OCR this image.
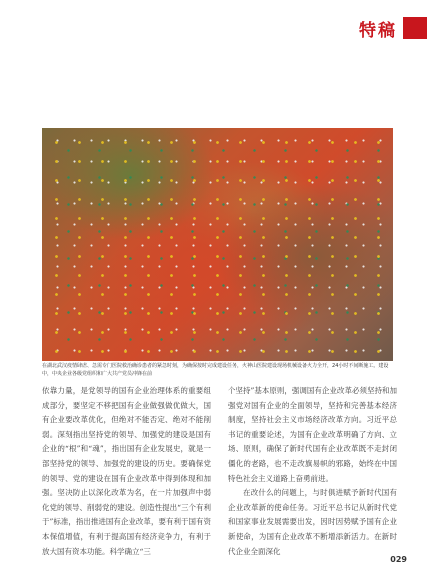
特稿
在湖北武汉疫情肆虐、急需专门医院救治确诊患者的紧急时刻，为确保按时完成建设任务，火神山医院建设现场机械设备火力全开，24小时不间断施工。建设中，中央企业各级党组织和广大共产党员冲锋在前

依靠力量，是党领导的国有企业治理体系的重要组成部分，要坚定不移把国有企业做强做优做大，国有企业要改革优化，但绝对不能否定、绝对不能削弱。深刻指出坚持党的领导、加强党的建设是国有企业的“根”和“魂”，指出国有企业发展史，就是一部坚持党的领导、加强党的建设的历史。要确保党的领导、党的建设在国有企业改革中得到体现和加强。坚决防止以深化改革为名，在一片加强声中弱化党的领导、削弱党的建设。创造性提出“三个有利于”标准，指出推进国有企业改革，要有利于国有资本保值增值，有利于提高国有经济竞争力，有利于放大国有资本功能。科学确立“三

个坚持”基本原则，强调国有企业改革必须坚持和加强党对国有企业的全面领导，坚持和完善基本经济制度，坚持社会主义市场经济改革方向。习近平总书记的重要论述，为国有企业改革明确了方向、立场、原则，确保了新时代国有企业改革既不走封闭僵化的老路，也不走改旗易帜的邪路，始终在中国特色社会主义道路上奋勇前进。

在改什么的问题上，与时俱进赋予新时代国有企业改革新的使命任务。习近平总书记从新时代党和国家事业发展需要出发，因时因势赋予国有企业新使命，为国有企业改革不断增添新活力。在新时代企业全面深化

029
